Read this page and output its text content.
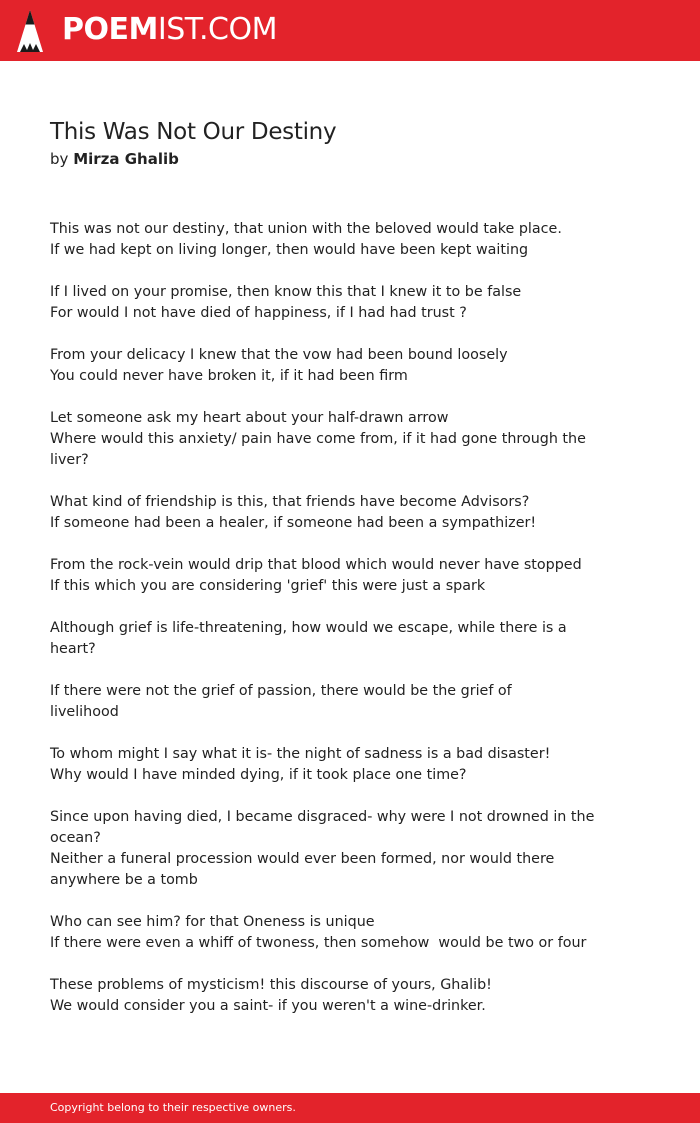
POEMIST.COM
This Was Not Our Destiny
by Mirza Ghalib
This was not our destiny, that union with the beloved would take place.
If we had kept on living longer, then would have been kept waiting
If I lived on your promise, then know this that I knew it to be false
For would I not have died of happiness, if I had had trust ?
From your delicacy I knew that the vow had been bound loosely
You could never have broken it, if it had been firm
Let someone ask my heart about your half-drawn arrow
Where would this anxiety/ pain have come from, if it had gone through the
liver?
What kind of friendship is this, that friends have become Advisors?
If someone had been a healer, if someone had been a sympathizer!
From the rock-vein would drip that blood which would never have stopped
If this which you are considering 'grief' this were just a spark
Although grief is life-threatening, how would we escape, while there is a
heart?
If there were not the grief of passion, there would be the grief of
livelihood
To whom might I say what it is- the night of sadness is a bad disaster!
Why would I have minded dying, if it took place one time?
Since upon having died, I became disgraced- why were I not drowned in the
ocean?
Neither a funeral procession would ever been formed, nor would there
anywhere be a tomb
Who can see him? for that Oneness is unique
If there were even a whiff of twoness, then somehow  would be two or four
These problems of mysticism! this discourse of yours, Ghalib!
We would consider you a saint- if you weren't a wine-drinker.
Copyright belong to their respective owners.
